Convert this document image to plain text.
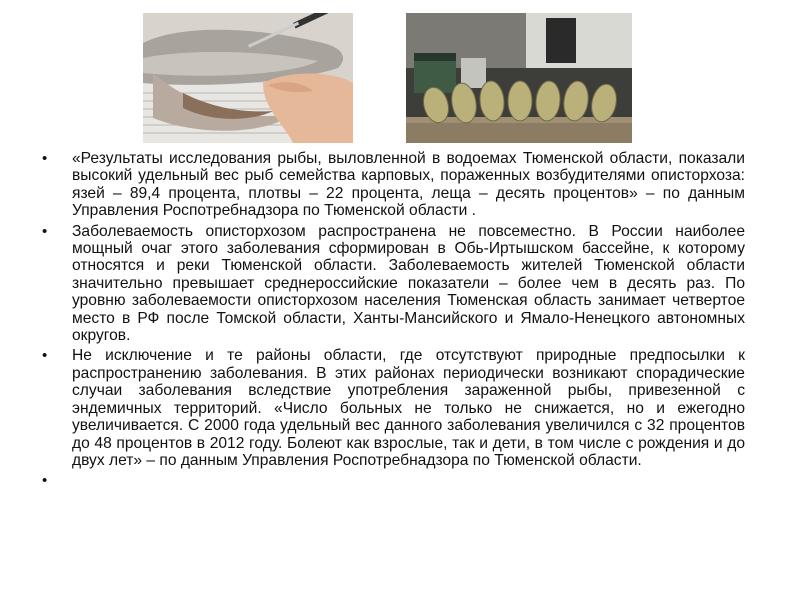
• «Результаты исследования рыбы, выловленной в водоемах Тюменской области, показали высокий удельный вес рыб семейства карповых, пораженных возбудителями описторхоза: язей – 89,4 процента, плотвы – 22 процента, леща – десять процентов» – по данным Управления Роспотребнадзора по Тюменской области .
• Заболеваемость описторхозом распространена не повсеместно. В России наиболее мощный очаг этого заболевания сформирован в Обь-Иртышском бассейне, к которому относятся и реки Тюменской области. Заболеваемость жителей Тюменской области значительно превышает среднероссийские показатели – более чем в десять раз. По уровню заболеваемости описторхозом населения Тюменская область занимает четвертое место в РФ после Томской области, Ханты-Мансийского и Ямало-Ненецкого автономных округов.
• Не исключение и те районы области, где отсутствуют природные предпосылки к распространению заболевания. В этих районах периодически возникают спорадические случаи заболевания вследствие употребления зараженной рыбы, привезенной с эндемичных территорий. «Число больных не только не снижается, но и ежегодно увеличивается. С 2000 года удельный вес данного заболевания увеличился с 32 процентов до 48 процентов в 2012 году. Болеют как взрослые, так и дети, в том числе с рождения и до двух лет» – по данным Управления Роспотребнадзора по Тюменской области.
•
